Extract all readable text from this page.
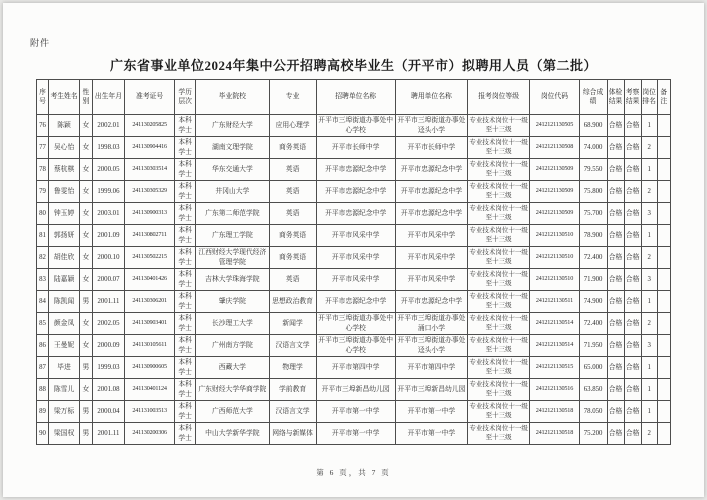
附件
广东省事业单位2024年集中公开招聘高校毕业生（开平市）拟聘用人员（第二批）
序号	考生姓名	性别	出生年月	准考证号	学历层次	毕业院校	专业	招聘单位名称	聘用单位名称	报考岗位等级	岗位代码	综合成绩	体检结果	考察结果	岗位排名	备注
76	陈颖	女	2002.01	241130205825	本科学士	广东财经大学	应用心理学	开平市三埠街道办事处中心学校	开平市三埠街道办事处迳头小学	专业技术岗位十一级至十三级	2412121130505	68.900	合格	合格	1	
77	吴心怡	女	1998.03	241130904416	本科学士	湖南文理学院	商务英语	开平市长师中学	开平市长师中学	专业技术岗位十一级至十三级	2412121130508	74.000	合格	合格	2	
78	蔡杭棋	女	2000.05	241130303514	本科学士	华东交通大学	英语	开平市忠源纪念中学	开平市忠源纪念中学	专业技术岗位十一级至十三级	2412121130509	79.550	合格	合格	1	
79	鲁雯怡	女	1999.06	241130305329	本科学士	井冈山大学	英语	开平市忠源纪念中学	开平市忠源纪念中学	专业技术岗位十一级至十三级	2412121130509	75.800	合格	合格	2	
80	钟玉婷	女	2003.01	241130900313	本科学士	广东第二师范学院	英语	开平市忠源纪念中学	开平市忠源纪念中学	专业技术岗位十一级至十三级	2412121130509	75.700	合格	合格	3	
81	郭扬妍	女	2001.09	241130802711	本科学士	广东理工学院	商务英语	开平市风采中学	开平市风采中学	专业技术岗位十一级至十三级	2412121130510	78.900	合格	合格	1	
82	胡佳欣	女	2000.10	241130502215	本科学士	江西财经大学现代经济管理学院	商务英语	开平市风采中学	开平市风采中学	专业技术岗位十一级至十三级	2412121130510	72.400	合格	合格	2	
83	陆嘉颖	女	2000.07	241130401426	本科学士	吉林大学珠海学院	英语	开平市风采中学	开平市风采中学	专业技术岗位十一级至十三级	2412121130510	71.900	合格	合格	3	
84	陈凯闻	男	2001.11	241130306201	本科学士	肇庆学院	思想政治教育	开平市忠源纪念中学	开平市忠源纪念中学	专业技术岗位十一级至十三级	2412121130511	74.900	合格	合格	1	
85	颜金凤	女	2002.05	241130903401	本科学士	长沙理工大学	新闻学	开平市三埠街道办事处中心学校	开平市三埠街道办事处涌口小学	专业技术岗位十一级至十三级	2412121130514	72.400	合格	合格	2	
86	王曼妮	女	2000.09	241130105611	本科学士	广州南方学院	汉语言文学	开平市三埠街道办事处中心学校	开平市三埠街道办事处迳头小学	专业技术岗位十一级至十三级	2412121130514	71.950	合格	合格	3	
87	毕进	男	1999.03	241130900605	本科学士	西藏大学	物理学	开平市第四中学	开平市第四中学	专业技术岗位十一级至十三级	2412121130515	65.000	合格	合格	1	
88	陈雪儿	女	2001.08	241130401124	本科学士	广东财经大学华商学院	学前教育	开平市三埠新昌幼儿园	开平市三埠新昌幼儿园	专业技术岗位十一级至十三级	2412121130516	63.850	合格	合格	1	
89	梁万标	男	2000.04	241131003513	本科学士	广西师范大学	汉语言文学	开平市第一中学	开平市第一中学	专业技术岗位十一级至十三级	2412121130518	78.050	合格	合格	1	
90	梁国权	男	2001.11	241130200306	本科学士	中山大学新华学院	网络与新媒体	开平市第一中学	开平市第一中学	专业技术岗位十一级至十三级	2412121130518	75.200	合格	合格	2	
第 6 页，共 7 页
